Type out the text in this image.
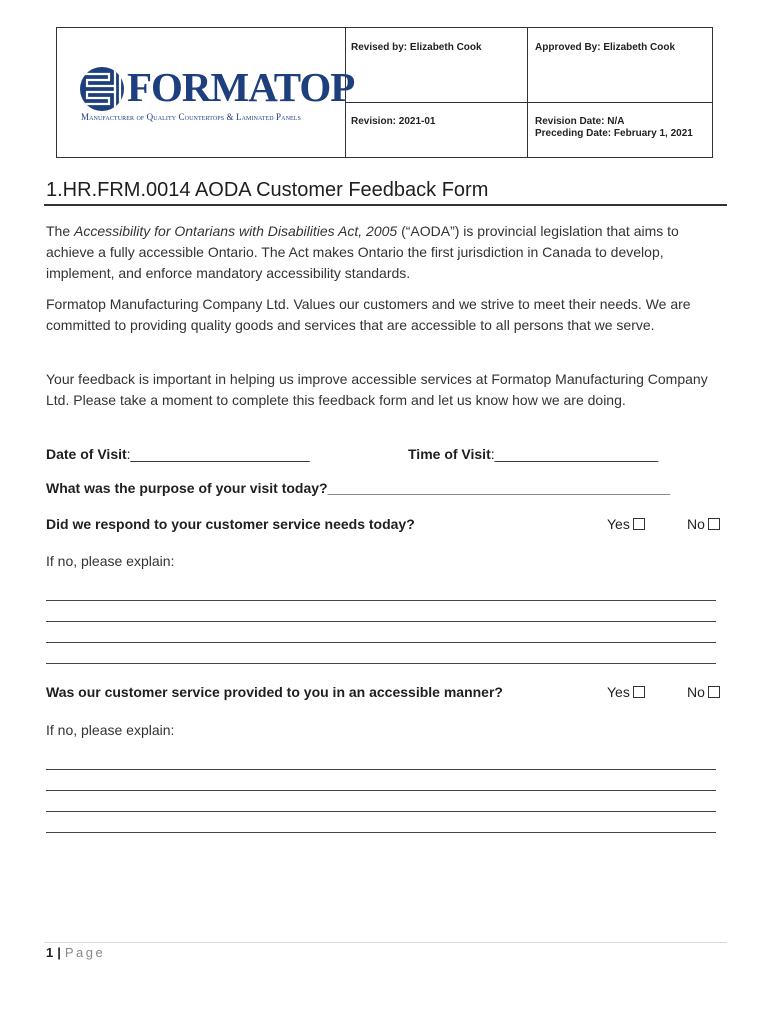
FORMATOP
Manufacturer of Quality Countertops & Laminated Panels
Revised by: Elizabeth Cook	Approved By: Elizabeth Cook
Revision: 2021-01	Revision Date: N/A
Preceding Date: February 1, 2021
1.HR.FRM.0014 AODA Customer Feedback Form
The Accessibility for Ontarians with Disabilities Act, 2005 (“AODA”) is provincial legislation that aims to achieve a fully accessible Ontario. The Act makes Ontario the first jurisdiction in Canada to develop, implement, and enforce mandatory accessibility standards.
Formatop Manufacturing Company Ltd. Values our customers and we strive to meet their needs. We are committed to providing quality goods and services that are accessible to all persons that we serve.
Your feedback is important in helping us improve accessible services at Formatop Manufacturing Company Ltd. Please take a moment to complete this feedback form and let us know how we are doing.
Date of Visit:_______________________	Time of Visit:_____________________
What was the purpose of your visit today?____________________________________________
Did we respond to your customer service needs today?	Yes	No
If no, please explain:
Was our customer service provided to you in an accessible manner?	Yes	No
If no, please explain:
1 | Page
